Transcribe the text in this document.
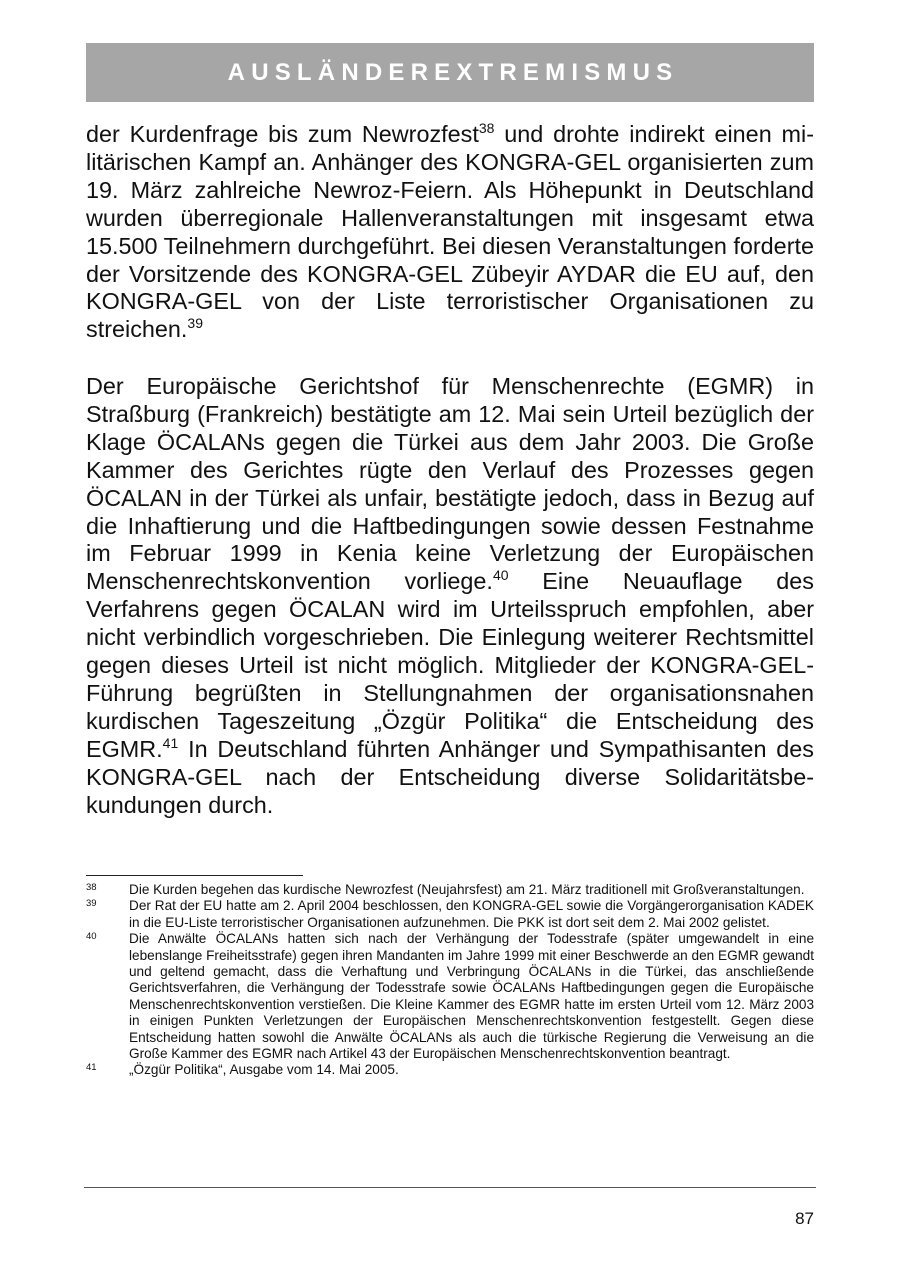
AUSLÄNDEREXTREMISMUS

der Kurdenfrage bis zum Newrozfest$^{38}$ und drohte indirekt einen militärischen Kampf an. Anhänger des KONGRA-GEL organisierten zum 19. März zahlreiche Newroz-Feiern. Als Höhepunkt in Deutschland wurden überregionale Hallenveranstaltungen mit insgesamt etwa 15.500 Teilnehmern durchgeführt. Bei diesen Veranstaltungen forderte der Vorsitzende des KONGRA-GEL Zübeyir AYDAR die EU auf, den KONGRA-GEL von der Liste terroristischer Organisationen zu streichen.$^{39}$

Der Europäische Gerichtshof für Menschenrechte (EGMR) in Straßburg (Frankreich) bestätigte am 12. Mai sein Urteil bezüglich der Klage ÖCALANs gegen die Türkei aus dem Jahr 2003. Die Große Kammer des Gerichtes rügte den Verlauf des Prozesses gegen ÖCALAN in der Türkei als unfair, bestätigte jedoch, dass in Bezug auf die Inhaftierung und die Haftbedingungen sowie dessen Festnahme im Februar 1999 in Kenia keine Verletzung der Europäischen Menschenrechtskonvention vorliege.$^{40}$ Eine Neuauflage des Verfahrens gegen ÖCALAN wird im Urteilsspruch empfohlen, aber nicht verbindlich vorgeschrieben. Die Einlegung weiterer Rechtsmittel gegen dieses Urteil ist nicht möglich. Mitglieder der KONGRA-GEL-Führung begrüßten in Stellungnahmen der organisationsnahen kurdischen Tageszeitung „Özgür Politika“ die Entscheidung des EGMR.$^{41}$ In Deutschland führten Anhänger und Sympathisanten des KONGRA-GEL nach der Entscheidung diverse Solidaritätsbekundungen durch.

38 Die Kurden begehen das kurdische Newrozfest (Neujahrsfest) am 21. März traditionell mit Großveranstaltungen.
39 Der Rat der EU hatte am 2. April 2004 beschlossen, den KONGRA-GEL sowie die Vorgängerorganisation KADEK in die EU-Liste terroristischer Organisationen aufzunehmen. Die PKK ist dort seit dem 2. Mai 2002 gelistet.
40 Die Anwälte ÖCALANs hatten sich nach der Verhängung der Todesstrafe (später umgewandelt in eine lebenslange Freiheitsstrafe) gegen ihren Mandanten im Jahre 1999 mit einer Beschwerde an den EGMR gewandt und geltend gemacht, dass die Verhaftung und Verbringung ÖCALANs in die Türkei, das anschließende Gerichtsverfahren, die Verhängung der Todesstrafe sowie ÖCALANs Haftbedingungen gegen die Europäische Menschenrechtskonvention verstießen. Die Kleine Kammer des EGMR hatte im ersten Urteil vom 12. März 2003 in einigen Punkten Verletzungen der Europäischen Menschenrechtskonvention festgestellt. Gegen diese Entscheidung hatten sowohl die Anwälte ÖCALANs als auch die türkische Regierung die Verweisung an die Große Kammer des EGMR nach Artikel 43 der Europäischen Menschenrechtskonvention beantragt.
41 „Özgür Politika“, Ausgabe vom 14. Mai 2005.
87
